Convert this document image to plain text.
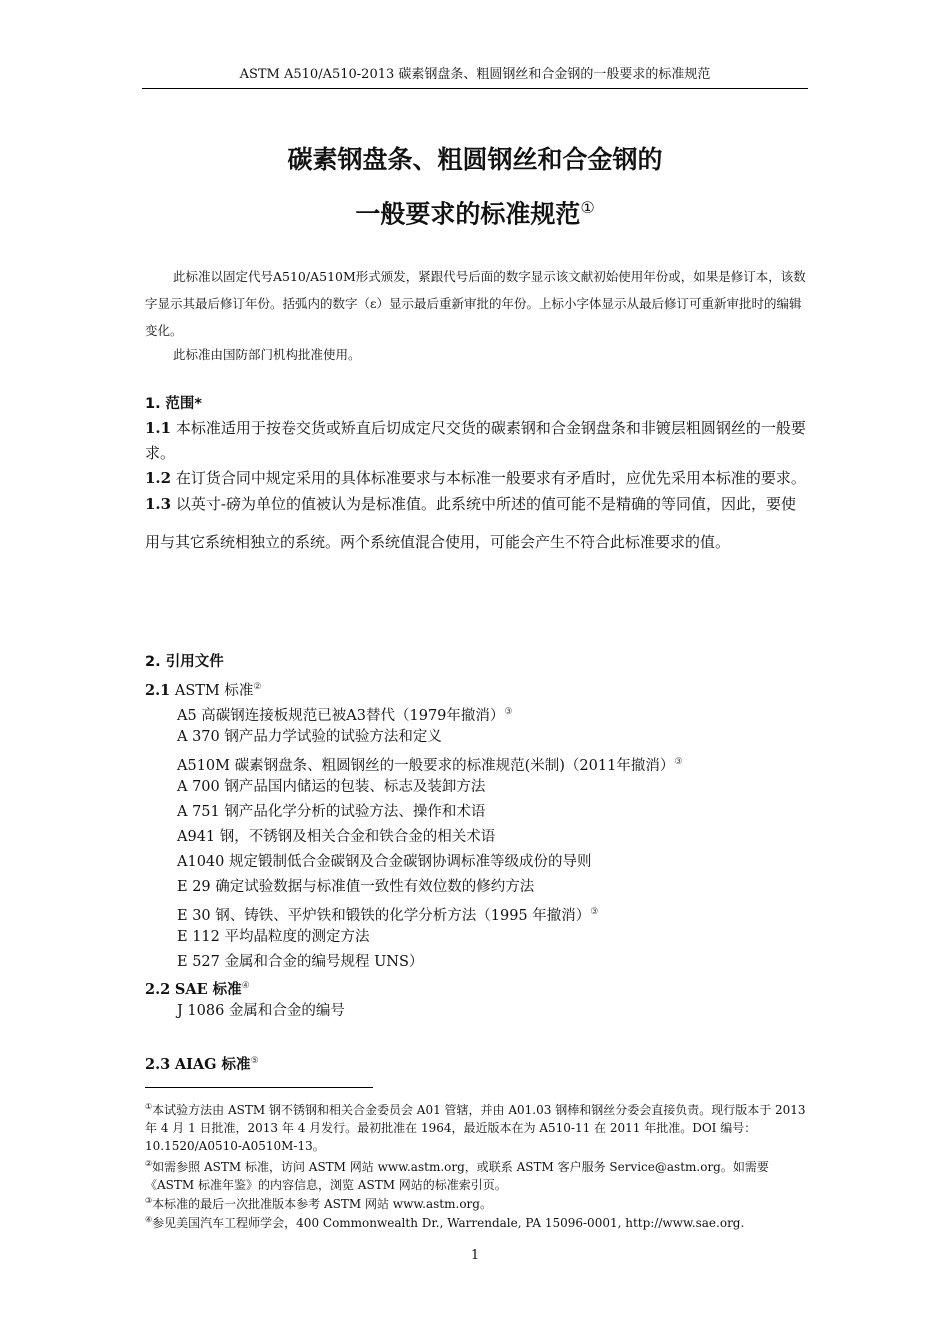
ASTM A510/A510-2013 碳素钢盘条、粗圆钢丝和合金钢的一般要求的标准规范
碳素钢盘条、粗圆钢丝和合金钢的
一般要求的标准规范①

此标准以固定代号A510/A510M形式颁发，紧跟代号后面的数字显示该文献初始使用年份或，如果是修订本，该数字显示其最后修订年份。括弧内的数字（ε）显示最后重新审批的年份。上标小字体显示从最后修订可重新审批时的编辑变化。

此标准由国防部门机构批准使用。

1. 范围*

1.1 本标准适用于按卷交货或矫直后切成定尺交货的碳素钢和合金钢盘条和非镀层粗圆钢丝的一般要求。

1.2 在订货合同中规定采用的具体标准要求与本标准一般要求有矛盾时，应优先采用本标准的要求。

1.3 以英寸-磅为单位的值被认为是标准值。此系统中所述的值可能不是精确的等同值，因此，要使用与其它系统相独立的系统。两个系统值混合使用，可能会产生不符合此标准要求的值。

2. 引用文件
2.1 ASTM 标准②
A5 高碳钢连接板规范已被A3替代（1979年撤消）③
A 370 钢产品力学试验的试验方法和定义
A510M 碳素钢盘条、粗圆钢丝的一般要求的标准规范(米制)（2011年撤消）③
A 700 钢产品国内储运的包装、标志及装卸方法
A 751 钢产品化学分析的试验方法、操作和术语
A941 钢，不锈钢及相关合金和铁合金的相关术语
A1040 规定锻制低合金碳钢及合金碳钢协调标准等级成份的导则
E 29 确定试验数据与标准值一致性有效位数的修约方法
E 30 钢、铸铁、平炉铁和锻铁的化学分析方法（1995 年撤消）③
E 112 平均晶粒度的测定方法
E 527 金属和合金的编号规程 UNS）
2.2 SAE 标准④
J 1086 金属和合金的编号
2.3 AIAG 标准⑤

①本试验方法由 ASTM 钢不锈钢和相关合金委员会 A01 管辖，并由 A01.03 钢棒和钢丝分委会直接负责。现行版本于 2013 年 4 月 1 日批准，2013 年 4 月发行。最初批准在 1964，最近版本在为 A510-11 在 2011 年批准。DOI 编号：10.1520/A0510-A0510M-13。

②如需参照 ASTM 标准，访问 ASTM 网站 www.astm.org，或联系 ASTM 客户服务 Service@astm.org。如需要《ASTM 标准年鉴》的内容信息，浏览 ASTM 网站的标准索引页。

③本标准的最后一次批准版本参考 ASTM 网站 www.astm.org。

④参见美国汽车工程师学会，400 Commonwealth Dr., Warrendale, PA 15096-0001, http://www.sae.org.

1
